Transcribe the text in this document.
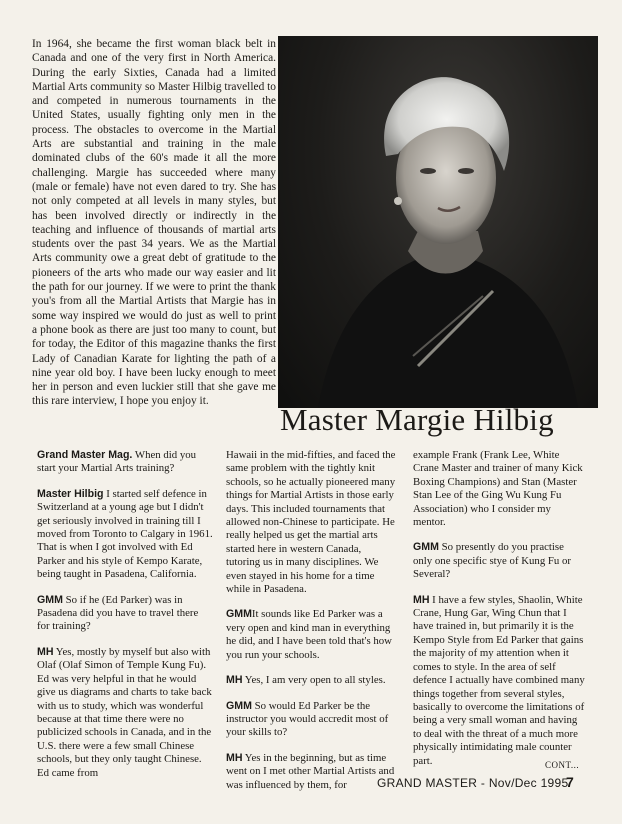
In 1964, she became the first woman black belt in Canada and one of the very first in North America. During the early Sixties, Canada had a limited Martial Arts community so Master Hilbig travelled to and competed in numerous tournaments in the United States, usually fighting only men in the process. The obstacles to overcome in the Martial Arts are substantial and training in the male dominated clubs of the 60's made it all the more challenging. Margie has succeeded where many (male or female) have not even dared to try. She has not only competed at all levels in many styles, but has been involved directly or indirectly in the teaching and influence of thousands of martial arts students over the past 34 years. We as the Martial Arts community owe a great debt of gratitude to the pioneers of the arts who made our way easier and lit the path for our journey. If we were to print the thank you's from all the Martial Artists that Margie has in some way inspired we would do just as well to print a phone book as there are just too many to count, but for today, the Editor of this magazine thanks the first Lady of Canadian Karate for lighting the path of a nine year old boy. I have been lucky enough to meet her in person and even luckier still that she gave me this rare interview, I hope you enjoy it.
Master Margie Hilbig

Grand Master Mag. When did you start your Martial Arts training?

Master Hilbig I started self defence in Switzerland at a young age but I didn't get seriously involved in training till I moved from Toronto to Calgary in 1961. That is when I got involved with Ed Parker and his style of Kempo Karate, being taught in Pasadena, California.

GMM So if he (Ed Parker) was in Pasadena did you have to travel there for training?

MH Yes, mostly by myself but also with Olaf (Olaf Simon of Temple Kung Fu). Ed was very helpful in that he would give us diagrams and charts to take back with us to study, which was wonderful because at that time there were no publicized schools in Canada, and in the U.S. there were a few small Chinese schools, but they only taught Chinese. Ed came from

Hawaii in the mid-fifties, and faced the same problem with the tightly knit schools, so he actually pioneered many things for Martial Artists in those early days. This included tournaments that allowed non-Chinese to participate. He really helped us get the martial arts started here in western Canada, tutoring us in many disciplines. We even stayed in his home for a time while in Pasadena.

GMMIt sounds like Ed Parker was a very open and kind man in everything he did, and I have been told that's how you run your schools.

MH Yes, I am very open to all styles.

GMM So would Ed Parker be the instructor you would accredit most of your skills to?

MH Yes in the beginning, but as time went on I met other Martial Artists and was influenced by them, for

example Frank (Frank Lee, White Crane Master and trainer of many Kick Boxing Champions) and Stan (Master Stan Lee of the Ging Wu Kung Fu Association) who I consider my mentor.

GMM So presently do you practise only one specific stye of Kung Fu or Several?

MH I have a few styles, Shaolin, White Crane, Hung Gar, Wing Chun that I have trained in, but primarily it is the Kempo Style from Ed Parker that gains the majority of my attention when it comes to style. In the area of self defence I actually have combined many things together from several styles, basically to overcome the limitations of being a very small woman and having to deal with the threat of a much more physically intimidating male counter part.	CONT...
GRAND MASTER - Nov/Dec 1995
7
